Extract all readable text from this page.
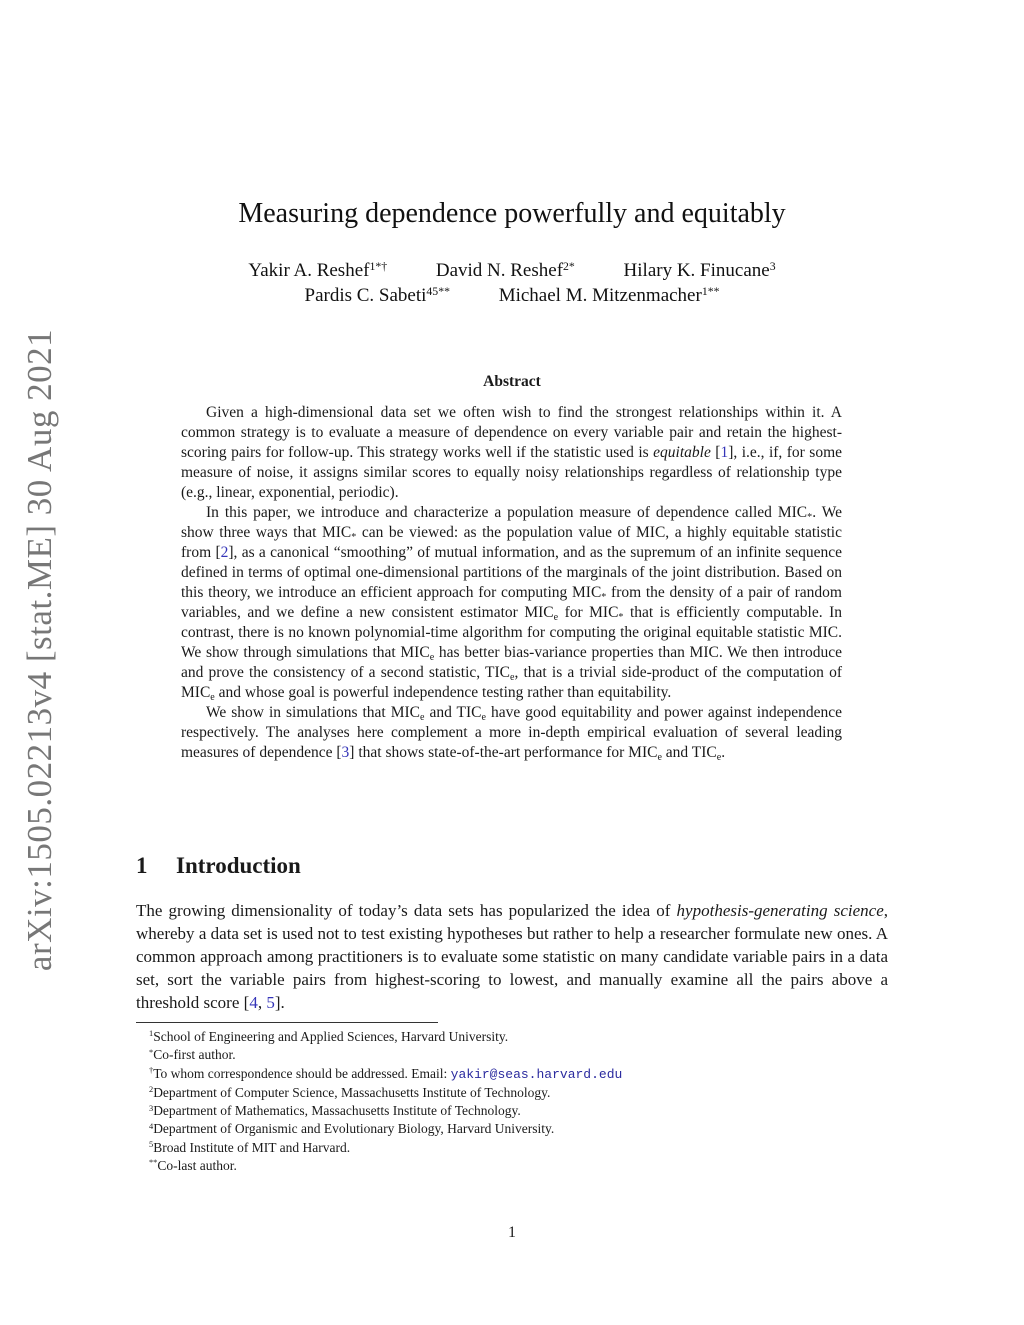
arXiv:1505.02213v4 [stat.ME] 30 Aug 2021
Measuring dependence powerfully and equitably
Yakir A. Reshef$^{1*\dagger}$	David N. Reshef$^{2*}$	Hilary K. Finucane$^3$
Pardis C. Sabeti$^{45**}$	Michael M. Mitzenmacher$^{1**}$
Abstract

Given a high-dimensional data set we often wish to find the strongest relationships within it. A common strategy is to evaluate a measure of dependence on every variable pair and retain the highest-scoring pairs for follow-up. This strategy works well if the statistic used is equitable [1], i.e., if, for some measure of noise, it assigns similar scores to equally noisy relationships regardless of relationship type (e.g., linear, exponential, periodic).

In this paper, we introduce and characterize a population measure of dependence called $MIC_*$. We show three ways that $MIC_*$ can be viewed: as the population value of MIC, a highly equitable statistic from [2], as a canonical “smoothing” of mutual information, and as the supremum of an infinite sequence defined in terms of optimal one-dimensional partitions of the marginals of the joint distribution. Based on this theory, we introduce an efficient approach for computing $MIC_*$ from the density of a pair of random variables, and we define a new consistent estimator $MIC_e$ for $MIC_*$ that is efficiently computable. In contrast, there is no known polynomial-time algorithm for computing the original equitable statistic MIC. We show through simulations that $MIC_e$ has better bias-variance properties than MIC. We then introduce and prove the consistency of a second statistic, $TIC_e$, that is a trivial side-product of the computation of $MIC_e$ and whose goal is powerful independence testing rather than equitability.

We show in simulations that $MIC_e$ and $TIC_e$ have good equitability and power against independence respectively. The analyses here complement a more in-depth empirical evaluation of several leading measures of dependence [3] that shows state-of-the-art performance for $MIC_e$ and $TIC_e$.

1 Introduction

The growing dimensionality of today’s data sets has popularized the idea of hypothesis-generating science, whereby a data set is used not to test existing hypotheses but rather to help a researcher formulate new ones. A common approach among practitioners is to evaluate some statistic on many candidate variable pairs in a data set, sort the variable pairs from highest-scoring to lowest, and manually examine all the pairs above a threshold score [4, 5].

$^1$School of Engineering and Applied Sciences, Harvard University.
*Co-first author.
†To whom correspondence should be addressed. Email: yakir@seas.harvard.edu
$^2$Department of Computer Science, Massachusetts Institute of Technology.
$^3$Department of Mathematics, Massachusetts Institute of Technology.
$^4$Department of Organismic and Evolutionary Biology, Harvard University.
$^5$Broad Institute of MIT and Harvard.
**Co-last author.
1
